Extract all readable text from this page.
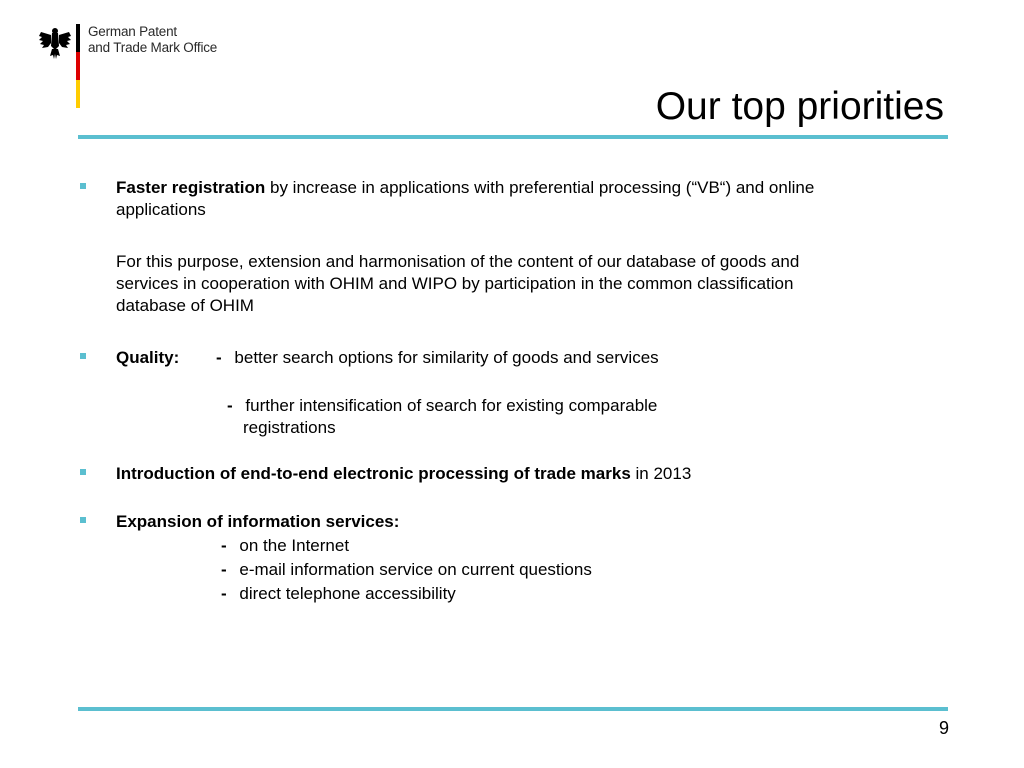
German Patent
and Trade Mark Office
Our top priorities
Faster registration by increase in applications with preferential processing (“VB“) and online
applications
For this purpose, extension and harmonisation of the content of our database of goods and
services in cooperation with OHIM and WIPO by participation in the common classification
database of OHIM
Quality: - better search options for similarity of goods and services
- further intensification of search for existing comparable
registrations
Introduction of end-to-end electronic processing of trade marks in 2013
Expansion of information services:
- on the Internet
- e-mail information service on current questions
- direct telephone accessibility
9
